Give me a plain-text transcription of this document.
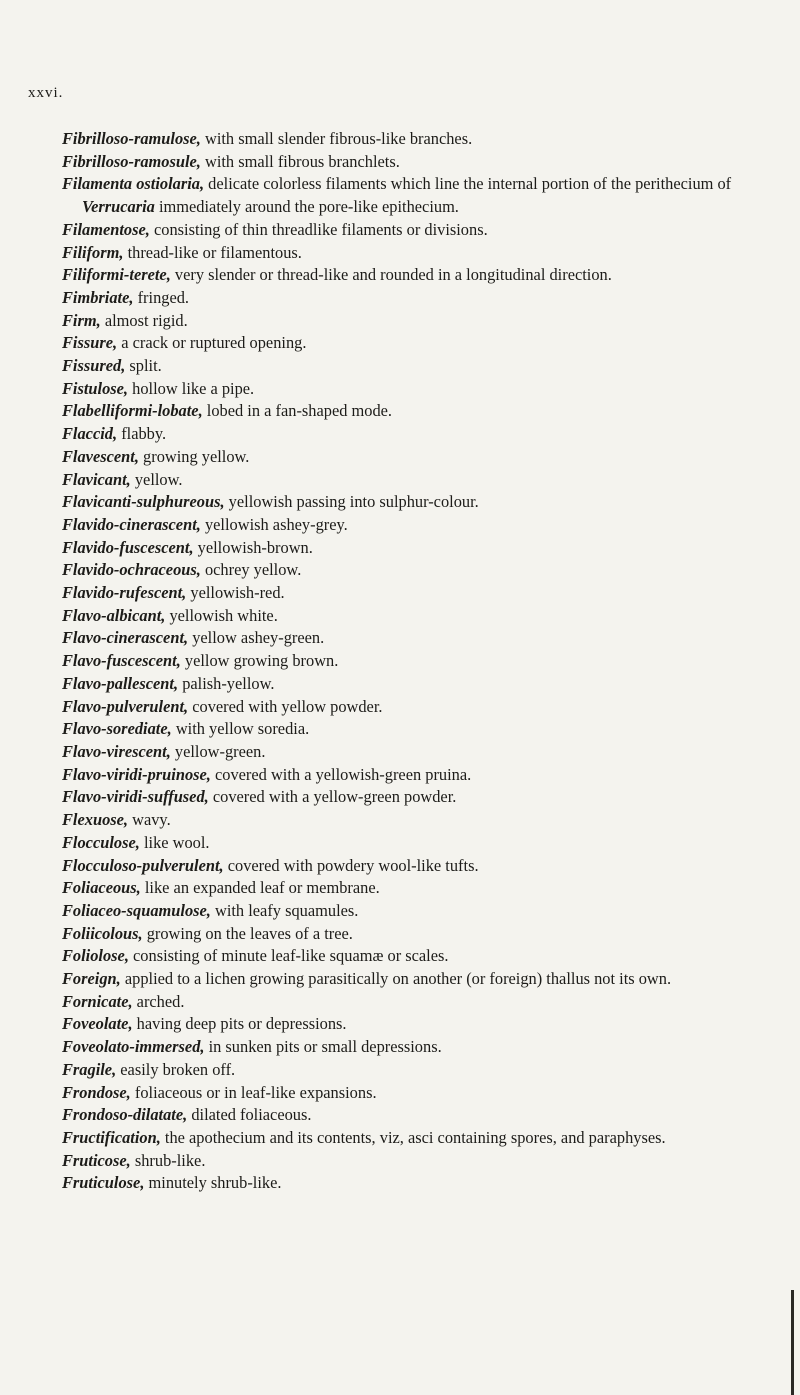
xxvi.
Fibrilloso-ramulose, with small slender fibrous-like branches.
Fibrilloso-ramosule, with small fibrous branchlets.
Filamenta ostiolaria, delicate colorless filaments which line the internal portion of the perithecium of Verrucaria immediately around the pore-like epithecium.
Filamentose, consisting of thin threadlike filaments or divisions.
Filiform, thread-like or filamentous.
Filiformi-terete, very slender or thread-like and rounded in a longitudinal direction.
Fimbriate, fringed.
Firm, almost rigid.
Fissure, a crack or ruptured opening.
Fissured, split.
Fistulose, hollow like a pipe.
Flabelliformi-lobate, lobed in a fan-shaped mode.
Flaccid, flabby.
Flavescent, growing yellow.
Flavicant, yellow.
Flavicanti-sulphureous, yellowish passing into sulphur-colour.
Flavido-cinerascent, yellowish ashey-grey.
Flavido-fuscescent, yellowish-brown.
Flavido-ochraceous, ochrey yellow.
Flavido-rufescent, yellowish-red.
Flavo-albicant, yellowish white.
Flavo-cinerascent, yellow ashey-green.
Flavo-fuscescent, yellow growing brown.
Flavo-pallescent, palish-yellow.
Flavo-pulverulent, covered with yellow powder.
Flavo-sorediate, with yellow soredia.
Flavo-virescent, yellow-green.
Flavo-viridi-pruinose, covered with a yellowish-green pruina.
Flavo-viridi-suffused, covered with a yellow-green powder.
Flexuose, wavy.
Flocculose, like wool.
Flocculoso-pulverulent, covered with powdery wool-like tufts.
Foliaceous, like an expanded leaf or membrane.
Foliaceo-squamulose, with leafy squamules.
Foliicolous, growing on the leaves of a tree.
Foliolose, consisting of minute leaf-like squamæ or scales.
Foreign, applied to a lichen growing parasitically on another (or foreign) thallus not its own.
Fornicate, arched.
Foveolate, having deep pits or depressions.
Foveolato-immersed, in sunken pits or small depressions.
Fragile, easily broken off.
Frondose, foliaceous or in leaf-like expansions.
Frondoso-dilatate, dilated foliaceous.
Fructification, the apothecium and its contents, viz, asci containing spores, and paraphyses.
Fruticose, shrub-like.
Fruticulose, minutely shrub-like.
